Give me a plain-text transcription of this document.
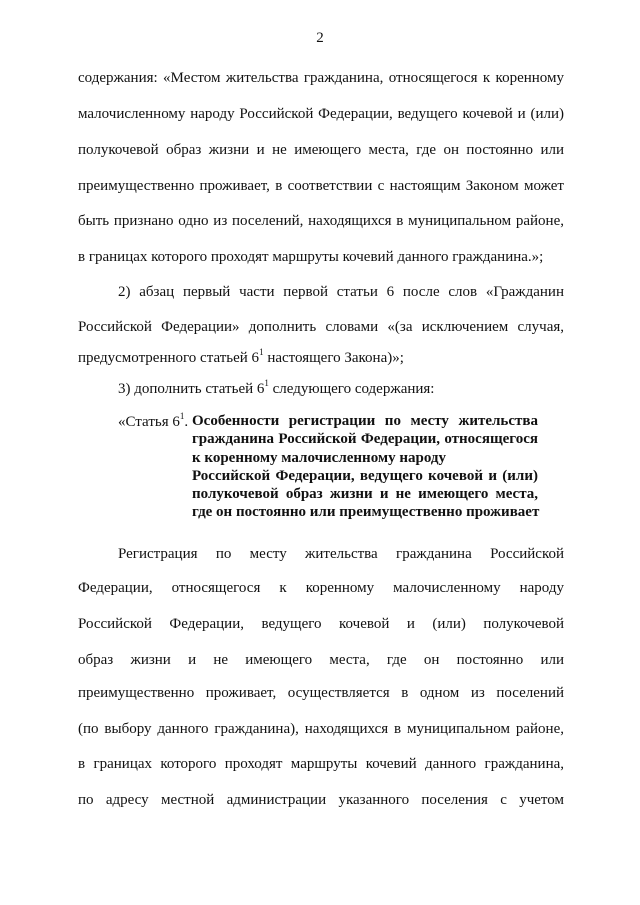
2
содержания: «Местом жительства гражданина, относящегося к коренному
малочисленному народу Российской Федерации, ведущего кочевой и (или)
полукочевой образ жизни и не имеющего места, где он постоянно или
преимущественно проживает, в соответствии с настоящим Законом может
быть признано одно из поселений, находящихся в муниципальном районе,
в границах которого проходят маршруты кочевий данного гражданина.»;
2) абзац первый части первой статьи 6 после слов «Гражданин
Российской Федерации» дополнить словами «(за исключением случая,
предусмотренного статьей $6^1$ настоящего Закона)»;
3) дополнить статьей $6^1$ следующего содержания:
«Статья $6^1$. Особенности регистрации по месту жительства
гражданина Российской Федерации, относящегося
к коренному малочисленному народу
Российской Федерации, ведущего кочевой и (или)
полукочевой образ жизни и не имеющего места,
где он постоянно или преимущественно проживает
Регистрация по месту жительства гражданина Российской
Федерации, относящегося к коренному малочисленному народу
Российской Федерации, ведущего кочевой и (или) полукочевой
образ жизни и не имеющего места, где он постоянно или
преимущественно проживает, осуществляется в одном из поселений
(по выбору данного гражданина), находящихся в муниципальном районе,
в границах которого проходят маршруты кочевий данного гражданина,
по адресу местной администрации указанного поселения с учетом
